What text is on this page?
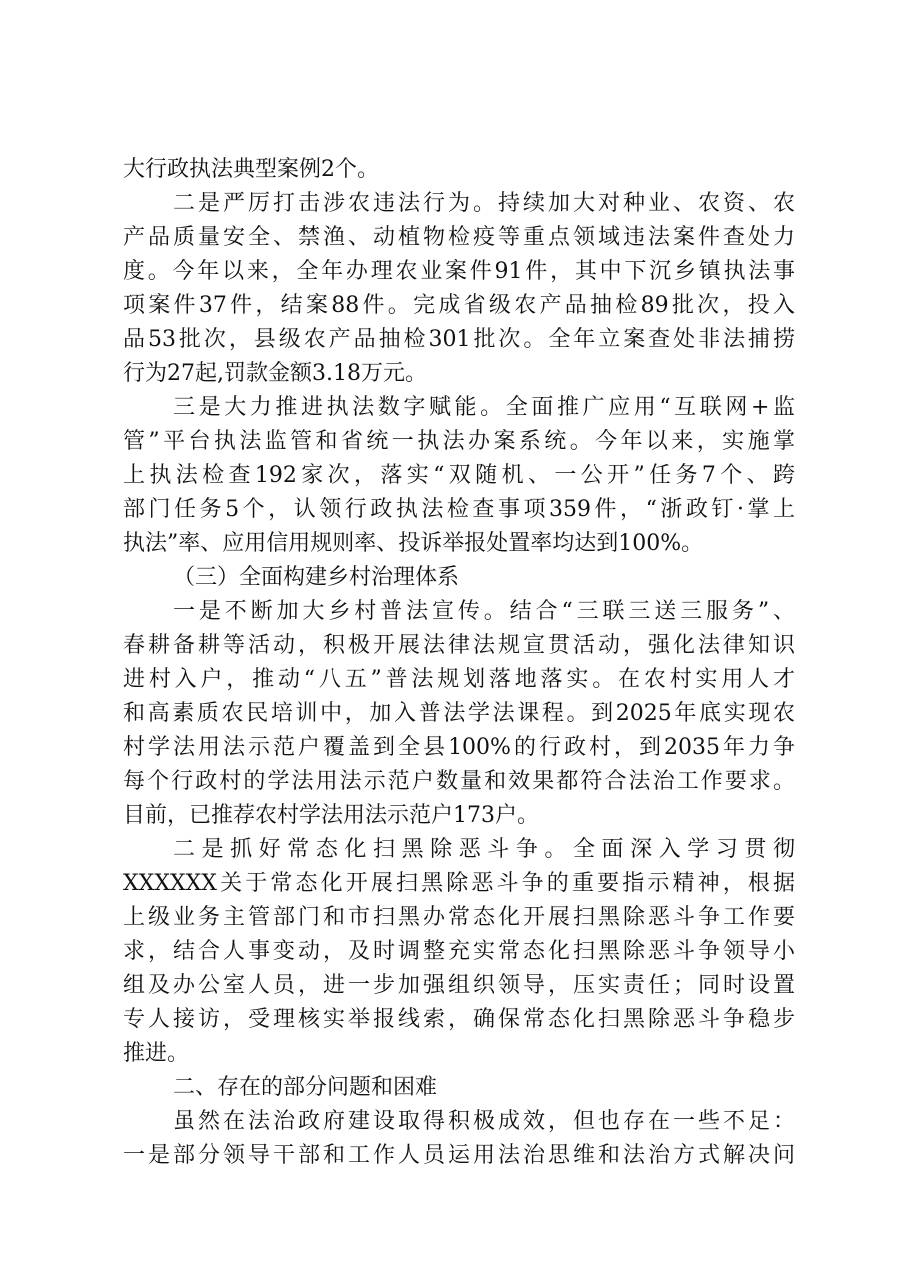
大行政执法典型案例2个。
二是严厉打击涉农违法行为。持续加大对种业、农资、农
产品质量安全、禁渔、动植物检疫等重点领域违法案件查处力
度。今年以来，全年办理农业案件91件，其中下沉乡镇执法事
项案件37件，结案88件。完成省级农产品抽检89批次，投入
品53批次，县级农产品抽检301批次。全年立案查处非法捕捞
行为27起,罚款金额3.18万元。
三是大力推进执法数字赋能。全面推广应用“互联网+监
管”平台执法监管和省统一执法办案系统。今年以来，实施掌
上执法检查192家次，落实“双随机、一公开”任务7个、跨
部门任务5个，认领行政执法检查事项359件，“浙政钉·掌上
执法”率、应用信用规则率、投诉举报处置率均达到100%。
（三）全面构建乡村治理体系
一是不断加大乡村普法宣传。结合“三联三送三服务”、
春耕备耕等活动，积极开展法律法规宣贯活动，强化法律知识
进村入户，推动“八五”普法规划落地落实。在农村实用人才
和高素质农民培训中，加入普法学法课程。到2025年底实现农
村学法用法示范户覆盖到全县100%的行政村，到2035年力争
每个行政村的学法用法示范户数量和效果都符合法治工作要求。
目前，已推荐农村学法用法示范户173户。
二是抓好常态化扫黑除恶斗争。全面深入学习贯彻
XXXXXX关于常态化开展扫黑除恶斗争的重要指示精神，根据
上级业务主管部门和市扫黑办常态化开展扫黑除恶斗争工作要
求，结合人事变动，及时调整充实常态化扫黑除恶斗争领导小
组及办公室人员，进一步加强组织领导，压实责任；同时设置
专人接访，受理核实举报线索，确保常态化扫黑除恶斗争稳步
推进。
二、存在的部分问题和困难
虽然在法治政府建设取得积极成效，但也存在一些不足：
一是部分领导干部和工作人员运用法治思维和法治方式解决问
